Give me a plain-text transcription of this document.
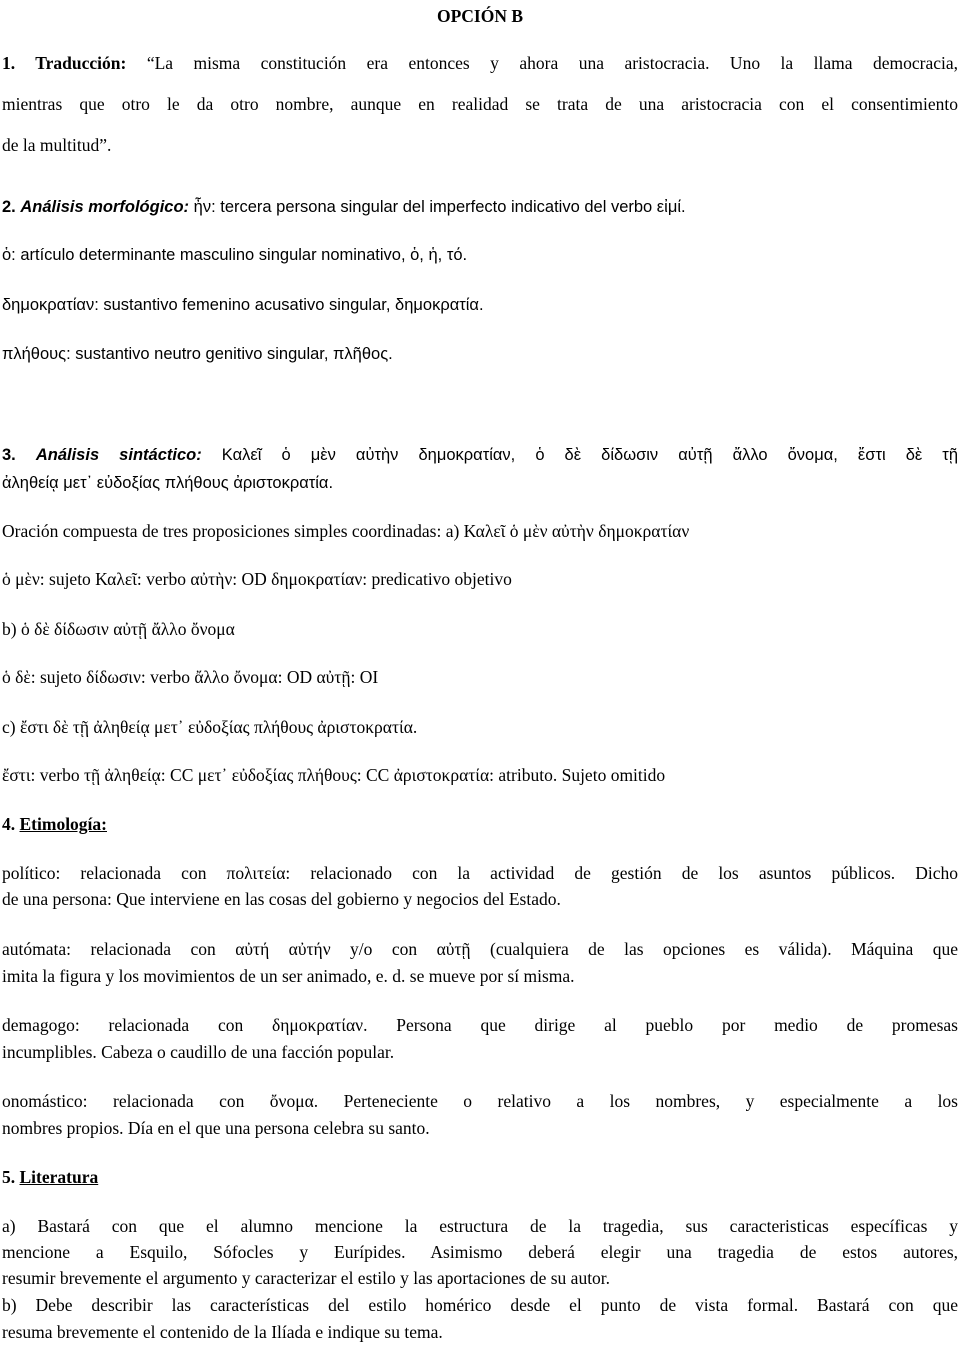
OPCIÓN B
1. Traducción: “La misma constitución era entonces y ahora una aristocracia. Uno la llama democracia,
mientras que otro le da otro nombre, aunque en realidad se trata de una aristocracia con el consentimiento
de la multitud”.
2. Análisis morfológico: ἦν: tercera persona singular del imperfecto indicativo del verbo εἰμί.
ὁ: artículo determinante masculino singular nominativo, ὁ, ἡ, τό.
δημοκρατίαν: sustantivo femenino acusativo singular, δημοκρατία.
πλήθους: sustantivo neutro genitivo singular, πλῆθος.
3. Análisis sintáctico: Καλεῖ ὁ μὲν αὐτὴν δημοκρατίαν, ὁ δὲ δίδωσιν αὐτῇ ἄλλο ὄνομα, ἔστι δὲ τῇ
ἀληθείᾳ μετ᾽ εὐδοξίας πλήθους ἀριστοκρατία.
Oración compuesta de tres proposiciones simples coordinadas: a) Καλεῖ ὁ μὲν αὐτὴν δημοκρατίαν
ὁ μὲν: sujeto Καλεῖ: verbo αὐτὴν: OD δημοκρατίαν: predicativo objetivo
b) ὁ δὲ δίδωσιν αὐτῇ ἄλλο ὄνομα
ὁ δὲ: sujeto δίδωσιν: verbo ἄλλο ὄνομα: OD αὐτῇ: OI
c) ἔστι δὲ τῇ ἀληθείᾳ μετ᾽ εὐδοξίας πλήθους ἀριστοκρατία.
ἔστι: verbo τῇ ἀληθείᾳ: CC μετ᾽ εὐδοξίας πλήθους: CC ἀριστοκρατία: atributo. Sujeto omitido
4. Etimología:
político: relacionada con πολιτεία: relacionado con la actividad de gestión de los asuntos públicos. Dicho
de una persona: Que interviene en las cosas del gobierno y negocios del Estado.
autómata: relacionada con αὐτή αὐτήν y/o con αὐτῇ (cualquiera de las opciones es válida). Máquina que
imita la figura y los movimientos de un ser animado, e. d. se mueve por sí misma.
demagogo: relacionada con δημοκρατίαν. Persona que dirige al pueblo por medio de promesas
incumplibles. Cabeza o caudillo de una facción popular.
onomástico: relacionada con ὄνομα. Perteneciente o relativo a los nombres, y especialmente a los
nombres propios. Día en el que una persona celebra su santo.
5. Literatura
a) Bastará con que el alumno mencione la estructura de la tragedia, sus caracteristicas específicas y
mencione a Esquilo, Sófocles y Eurípides. Asimismo deberá elegir una tragedia de estos autores,
resumir brevemente el argumento y caracterizar el estilo y las aportaciones de su autor.
b) Debe describir las características del estilo homérico desde el punto de vista formal. Bastará con que
resuma brevemente el contenido de la Ilíada e indique su tema.
